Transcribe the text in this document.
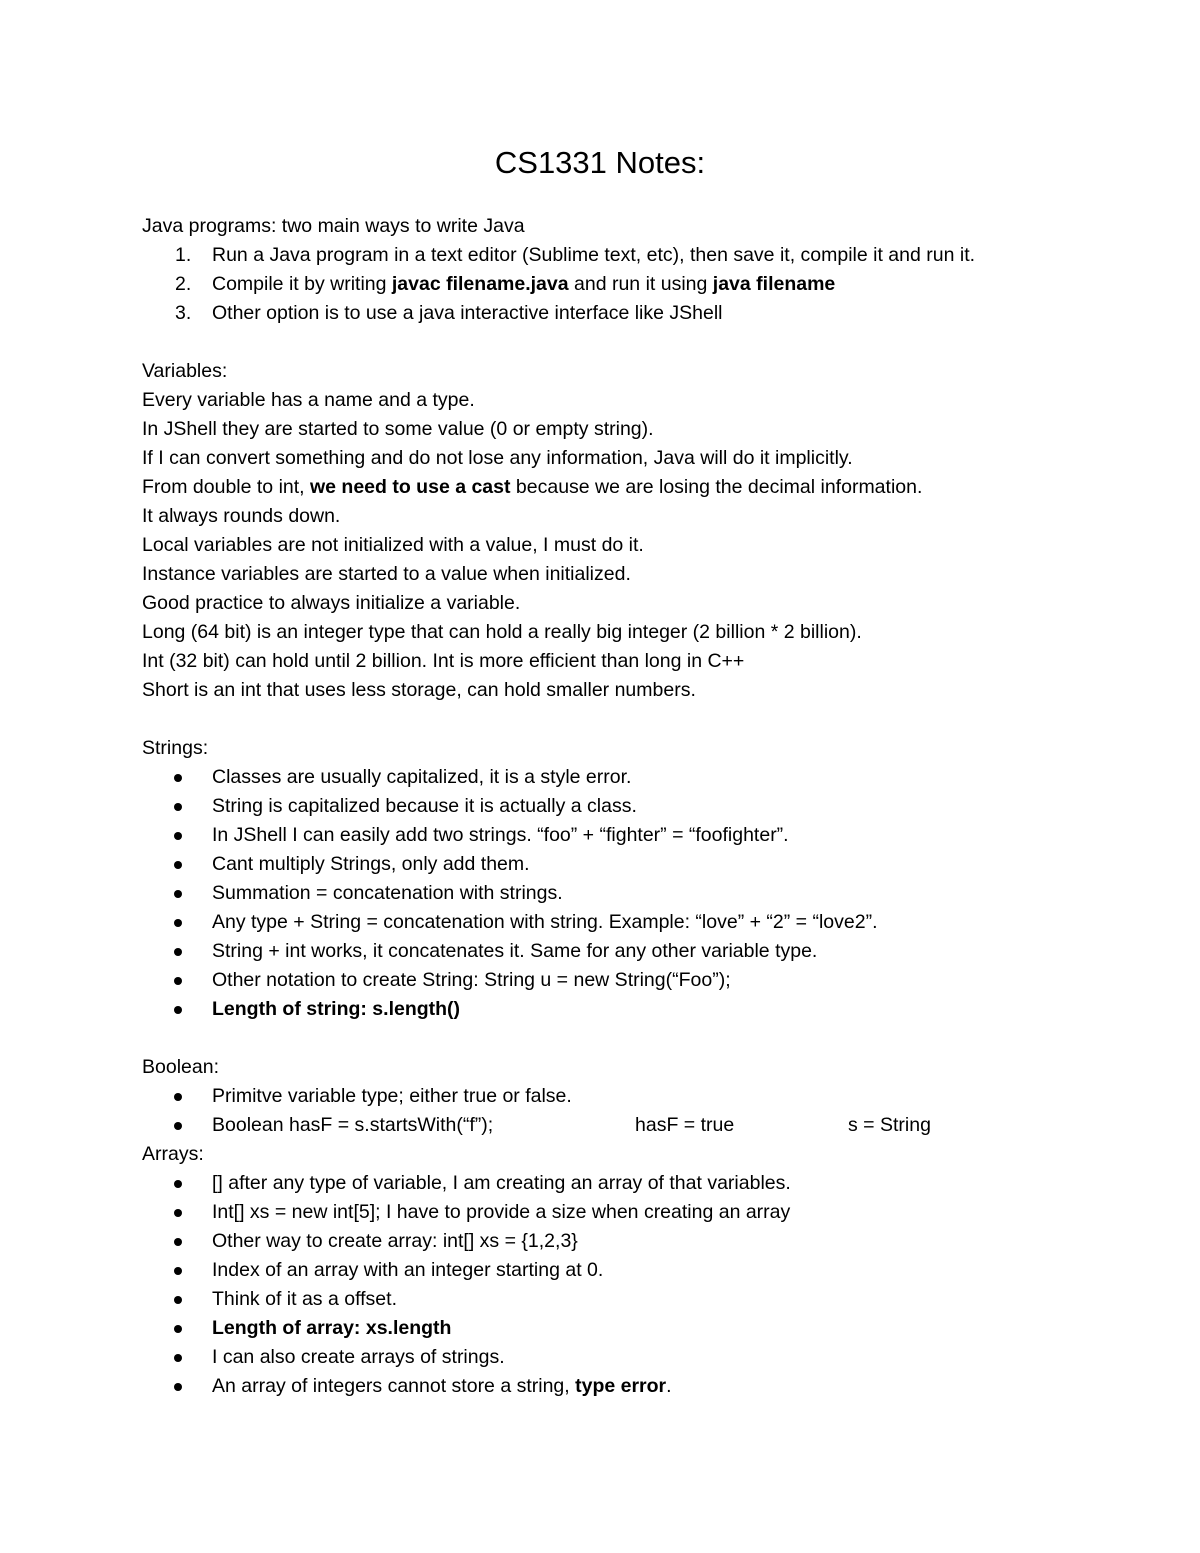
CS1331 Notes:
Java programs: two main ways to write Java
1.	Run a Java program in a text editor (Sublime text, etc), then save it, compile it and run it.
2.	Compile it by writing javac filename.java and run it using java filename
3.	Other option is to use a java interactive interface like JShell
Variables:
Every variable has a name and a type.
In JShell they are started to some value (0 or empty string).
If I can convert something and do not lose any information, Java will do it implicitly.
From double to int, we need to use a cast because we are losing the decimal information.
It always rounds down.
Local variables are not initialized with a value, I must do it.
Instance variables are started to a value when initialized.
Good practice to always initialize a variable.
Long (64 bit) is an integer type that can hold a really big integer (2 billion * 2 billion).
Int (32 bit) can hold until 2 billion. Int is more efficient than long in C++
Short is an int that uses less storage, can hold smaller numbers.
Strings:
Classes are usually capitalized, it is a style error.
String is capitalized because it is actually a class.
In JShell I can easily add two strings. “foo” + “fighter” = “foofighter”.
Cant multiply Strings, only add them.
Summation = concatenation with strings.
Any type + String = concatenation with string. Example: “love” + “2” = “love2”.
String + int works, it concatenates it. Same for any other variable type.
Other notation to create String: String u = new String(“Foo”);
Length of string: s.length()
Boolean:
Primitve variable type; either true or false.
Boolean hasF = s.startsWith(“f”);	hasF = true	s = String
Arrays:
[] after any type of variable, I am creating an array of that variables.
Int[] xs = new int[5]; I have to provide a size when creating an array
Other way to create array: int[] xs = {1,2,3}
Index of an array with an integer starting at 0.
Think of it as a offset.
Length of array: xs.length
I can also create arrays of strings.
An array of integers cannot store a string, type error.
